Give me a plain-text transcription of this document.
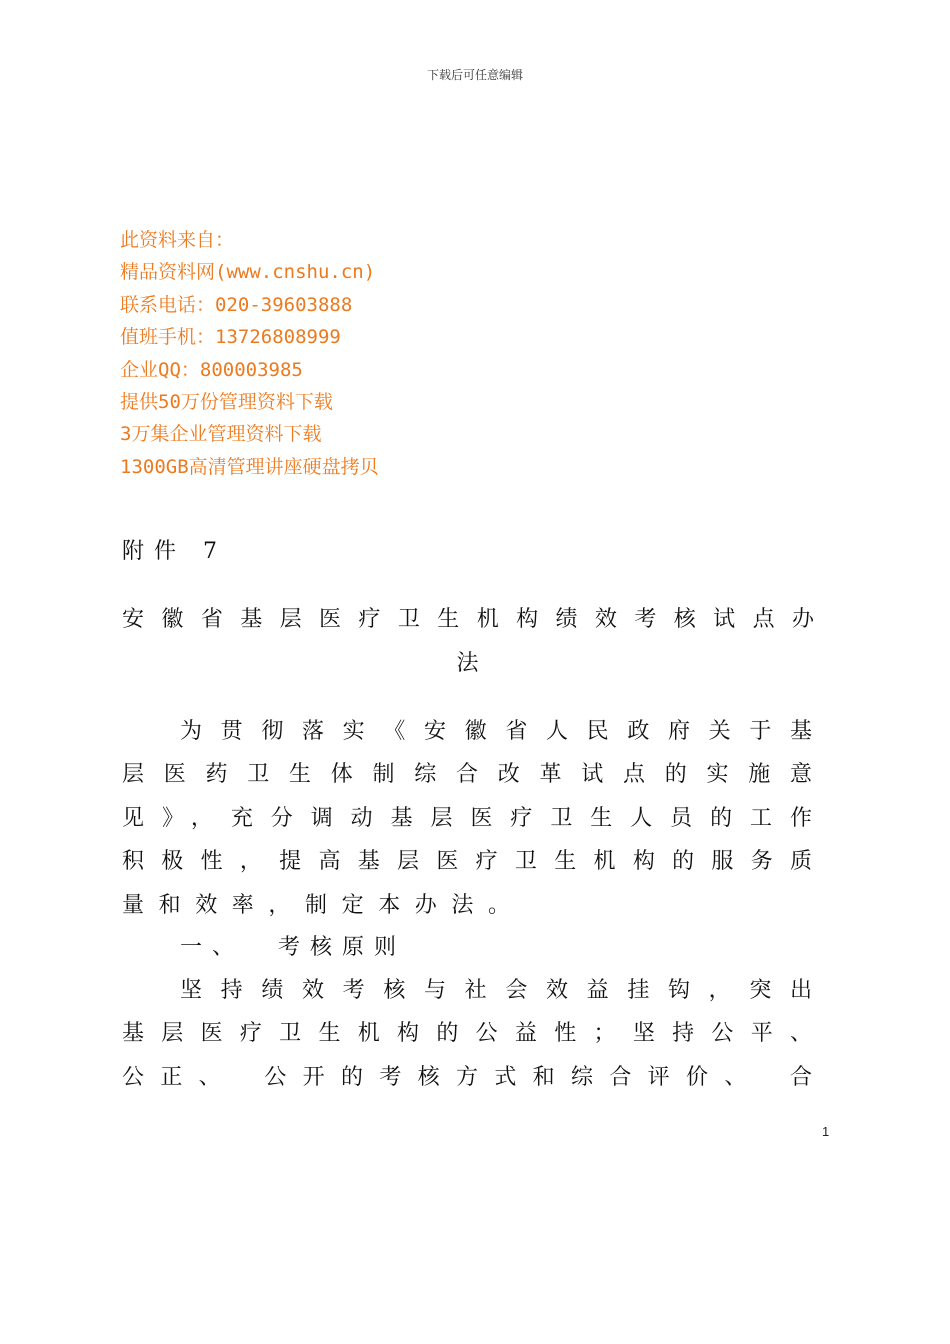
下载后可任意编辑
此资料来自：
精品资料网(www.cnshu.cn)
联系电话：020-39603888
值班手机：13726808999
企业QQ：800003985
提供50万份管理资料下载
3万集企业管理资料下载
1300GB高清管理讲座硬盘拷贝
附件 7
安徽省基层医疗卫生机构绩效考核试点办
法
为贯彻落实《安徽省人民政府关于基
层医药卫生体制综合改革试点的实施意
见》，充分调动基层医疗卫生人员的工作
积极性，提高基层医疗卫生机构的服务质
量和效率，制定本办法。
一、 考核原则
坚持绩效考核与社会效益挂钩，突出
基层医疗卫生机构的公益性；坚持公平、
公正、　公开的考核方式和综合评价、　合
1
